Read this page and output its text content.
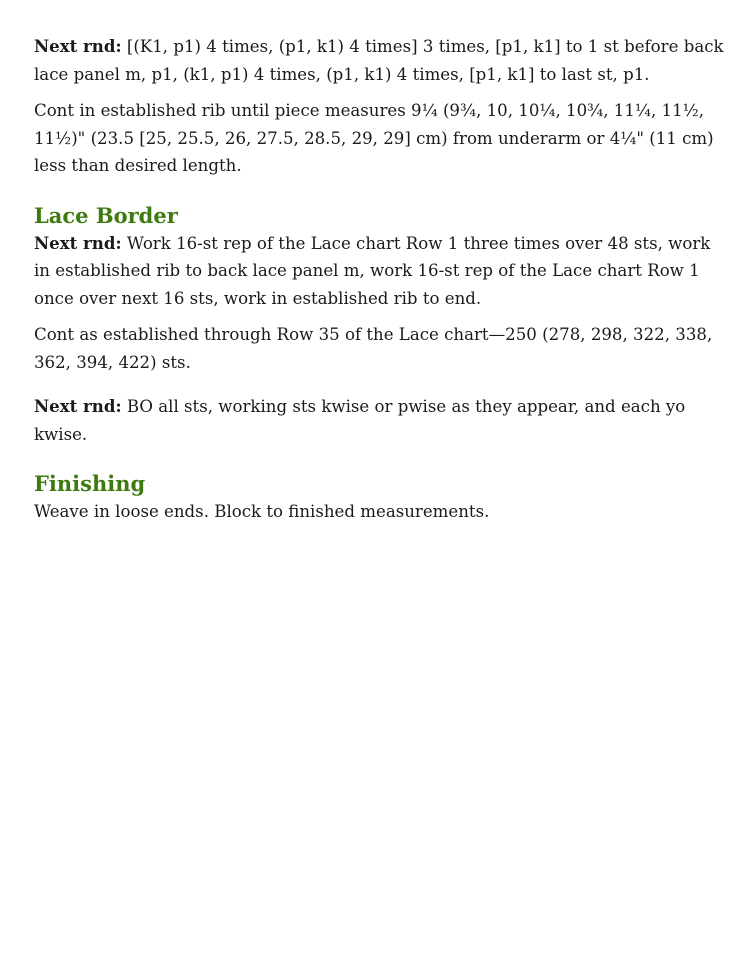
Next rnd: [(K1, p1) 4 times, (p1, k1) 4 times] 3 times, [p1, k1] to 1 st before back lace panel m, p1, (k1, p1) 4 times, (p1, k1) 4 times, [p1, k1] to last st, p1.

Cont in established rib until piece measures 9¼ (9¾, 10, 10¼, 10¾, 11¼, 11½, 11½)" (23.5 [25, 25.5, 26, 27.5, 28.5, 29, 29] cm) from underarm or 4¼" (11 cm) less than desired length.

Lace Border

Next rnd: Work 16-st rep of the Lace chart Row 1 three times over 48 sts, work in established rib to back lace panel m, work 16-st rep of the Lace chart Row 1 once over next 16 sts, work in established rib to end.

Cont as established through Row 35 of the Lace chart—250 (278, 298, 322, 338, 362, 394, 422) sts.

Next rnd: BO all sts, working sts kwise or pwise as they appear, and each yo kwise.

Finishing

Weave in loose ends. Block to finished measurements.
